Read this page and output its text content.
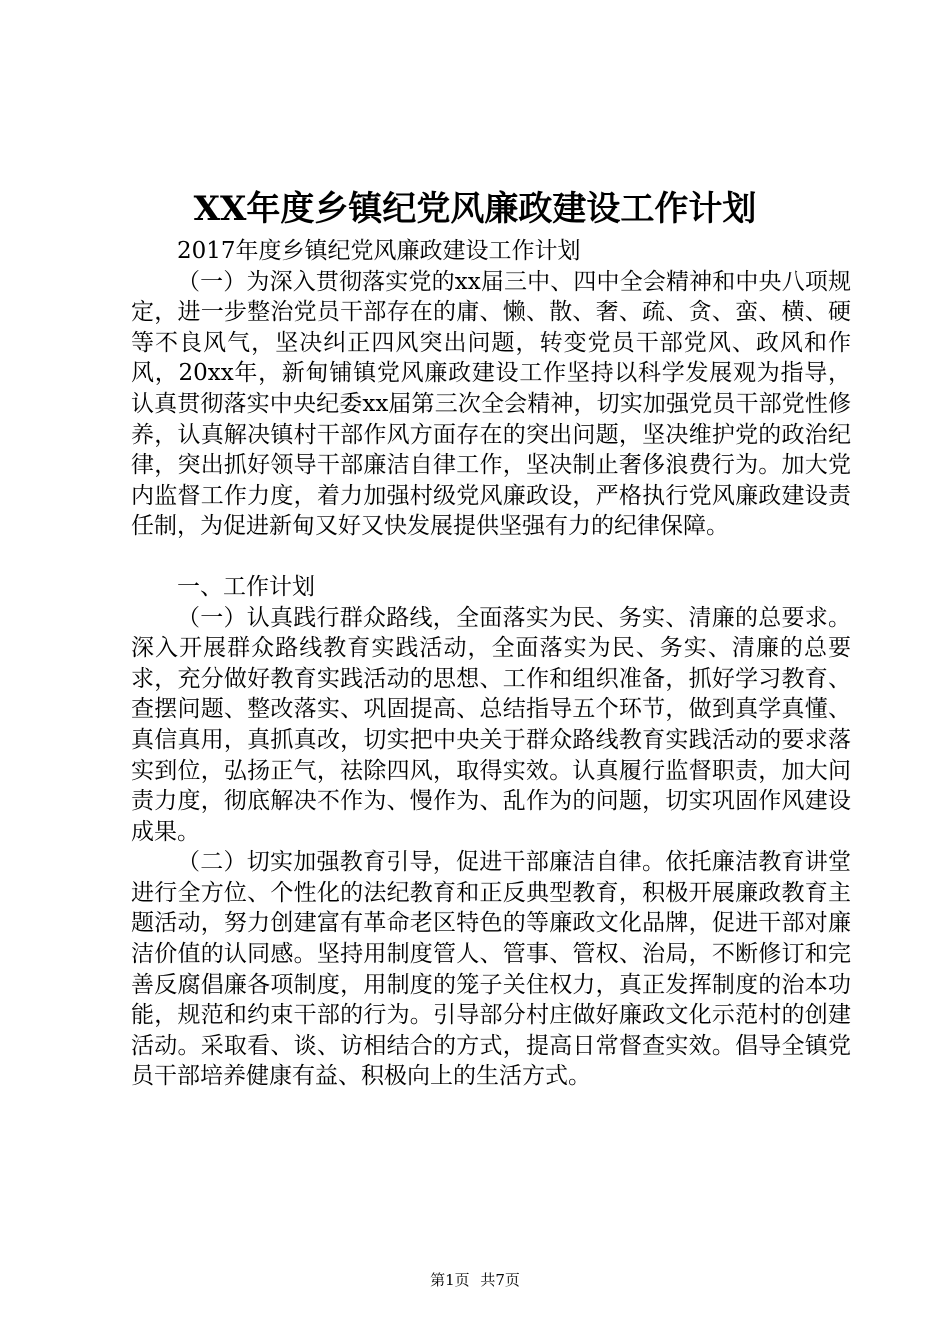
XX年度乡镇纪党风廉政建设工作计划

2017年度乡镇纪党风廉政建设工作计划

（一）为深入贯彻落实党的xx届三中、四中全会精神和中央八项规定，进一步整治党员干部存在的庸、懒、散、奢、疏、贪、蛮、横、硬等不良风气，坚决纠正四风突出问题，转变党员干部党风、政风和作风，20xx年，新甸铺镇党风廉政建设工作坚持以科学发展观为指导，认真贯彻落实中央纪委xx届第三次全会精神，切实加强党员干部党性修养，认真解决镇村干部作风方面存在的突出问题，坚决维护党的政治纪律，突出抓好领导干部廉洁自律工作，坚决制止奢侈浪费行为。加大党内监督工作力度，着力加强村级党风廉政设，严格执行党风廉政建设责任制，为促进新甸又好又快发展提供坚强有力的纪律保障。

一、工作计划

（一）认真践行群众路线，全面落实为民、务实、清廉的总要求。深入开展群众路线教育实践活动，全面落实为民、务实、清廉的总要求，充分做好教育实践活动的思想、工作和组织准备，抓好学习教育、查摆问题、整改落实、巩固提高、总结指导五个环节，做到真学真懂、真信真用，真抓真改，切实把中央关于群众路线教育实践活动的要求落实到位，弘扬正气，祛除四风，取得实效。认真履行监督职责，加大问责力度，彻底解决不作为、慢作为、乱作为的问题，切实巩固作风建设成果。

（二）切实加强教育引导，促进干部廉洁自律。依托廉洁教育讲堂进行全方位、个性化的法纪教育和正反典型教育，积极开展廉政教育主题活动，努力创建富有革命老区特色的等廉政文化品牌，促进干部对廉洁价值的认同感。坚持用制度管人、管事、管权、治局，不断修订和完善反腐倡廉各项制度，用制度的笼子关住权力，真正发挥制度的治本功能，规范和约束干部的行为。引导部分村庄做好廉政文化示范村的创建活动。采取看、谈、访相结合的方式，提高日常督查实效。倡导全镇党员干部培养健康有益、积极向上的生活方式。

第1页 共7页
